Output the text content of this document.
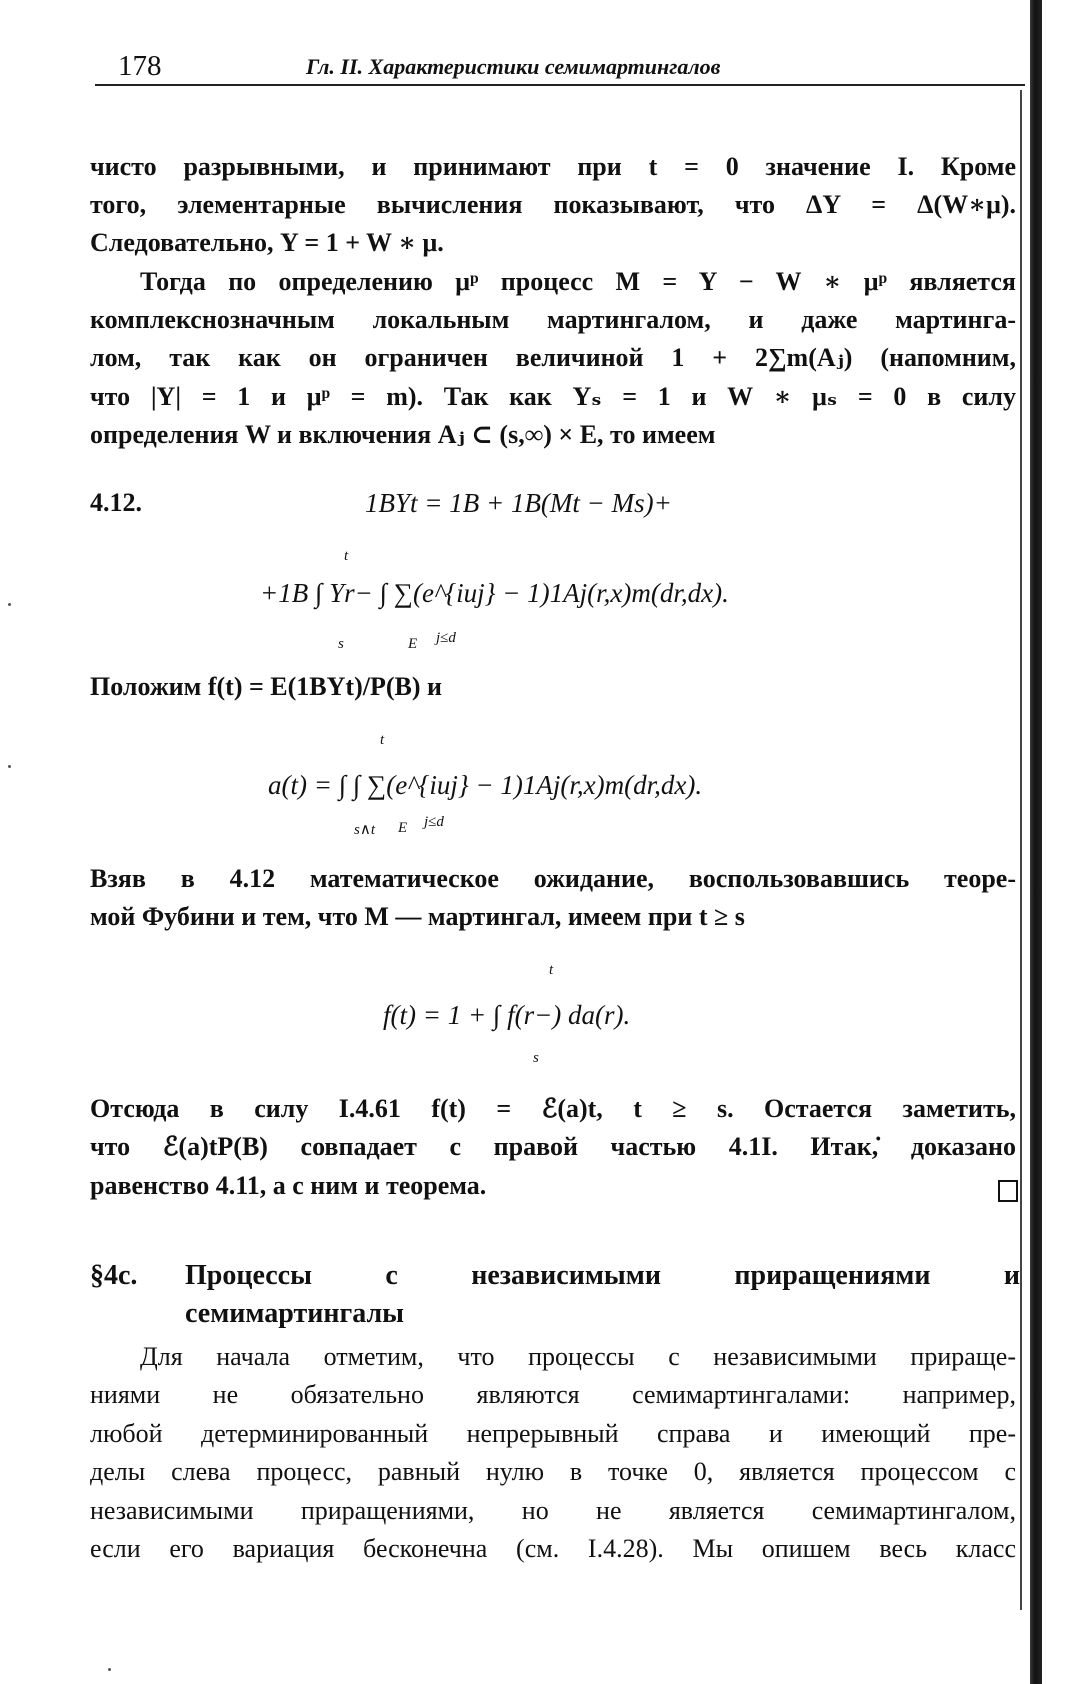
178	Гл. II. Характеристики семимартингалов
чисто разрывными, и принимают при t = 0 значение I. Кроме
того, элементарные вычисления показывают, что ΔY = Δ(W∗μ).
Следовательно, Y = 1 + W ∗ μ.
Тогда по определению μᵖ процесс M = Y − W ∗ μᵖ является
комплекснозначным локальным мартингалом, и даже мартинга-
лом, так как он ограничен величиной 1 + 2∑m(Aⱼ) (напомним,
что |Y| = 1 и μᵖ = m). Так как Yₛ = 1 и W ∗ μₛ = 0 в силу
определения W и включения Aⱼ ⊂ (s,∞) × E, то имеем
4.12.	1BYt = 1B + 1B(Mt − Ms)+
+1B ∫ Yr− ∫ ∑(e^{iuj} − 1)1Aj(r,x)m(dr,dx).
t
s	E j≤d
Положим f(t) = E(1BYt)/P(B) и
a(t) = ∫ ∫ ∑(e^{iuj} − 1)1Aj(r,x)m(dr,dx).
t
s∧t E j≤d
Взяв в 4.12 математическое ожидание, воспользовавшись теоре-
мой Фубини и тем, что M — мартингал, имеем при t ≥ s
f(t) = 1 + ∫ f(r−) da(r).
t
s
Отсюда в силу I.4.61 f(t) = ℰ(a)t, t ≥ s. Остается заметить,
что ℰ(a)tP(B) совпадает с правой частью 4.1I. Итак,̇ доказано
равенство 4.11, а с ним и теорема.
§4c. Процессы с независимыми приращениями и
семимартингалы
Для начала отметим, что процессы с независимыми прираще-
ниями не обязательно являются семимартингалами: например,
любой детерминированный непрерывный справа и имеющий пре-
делы слева процесс, равный нулю в точке 0, является процессом с
независимыми приращениями, но не является семимартингалом,
если его вариация бесконечна (см. I.4.28). Мы опишем весь класс
